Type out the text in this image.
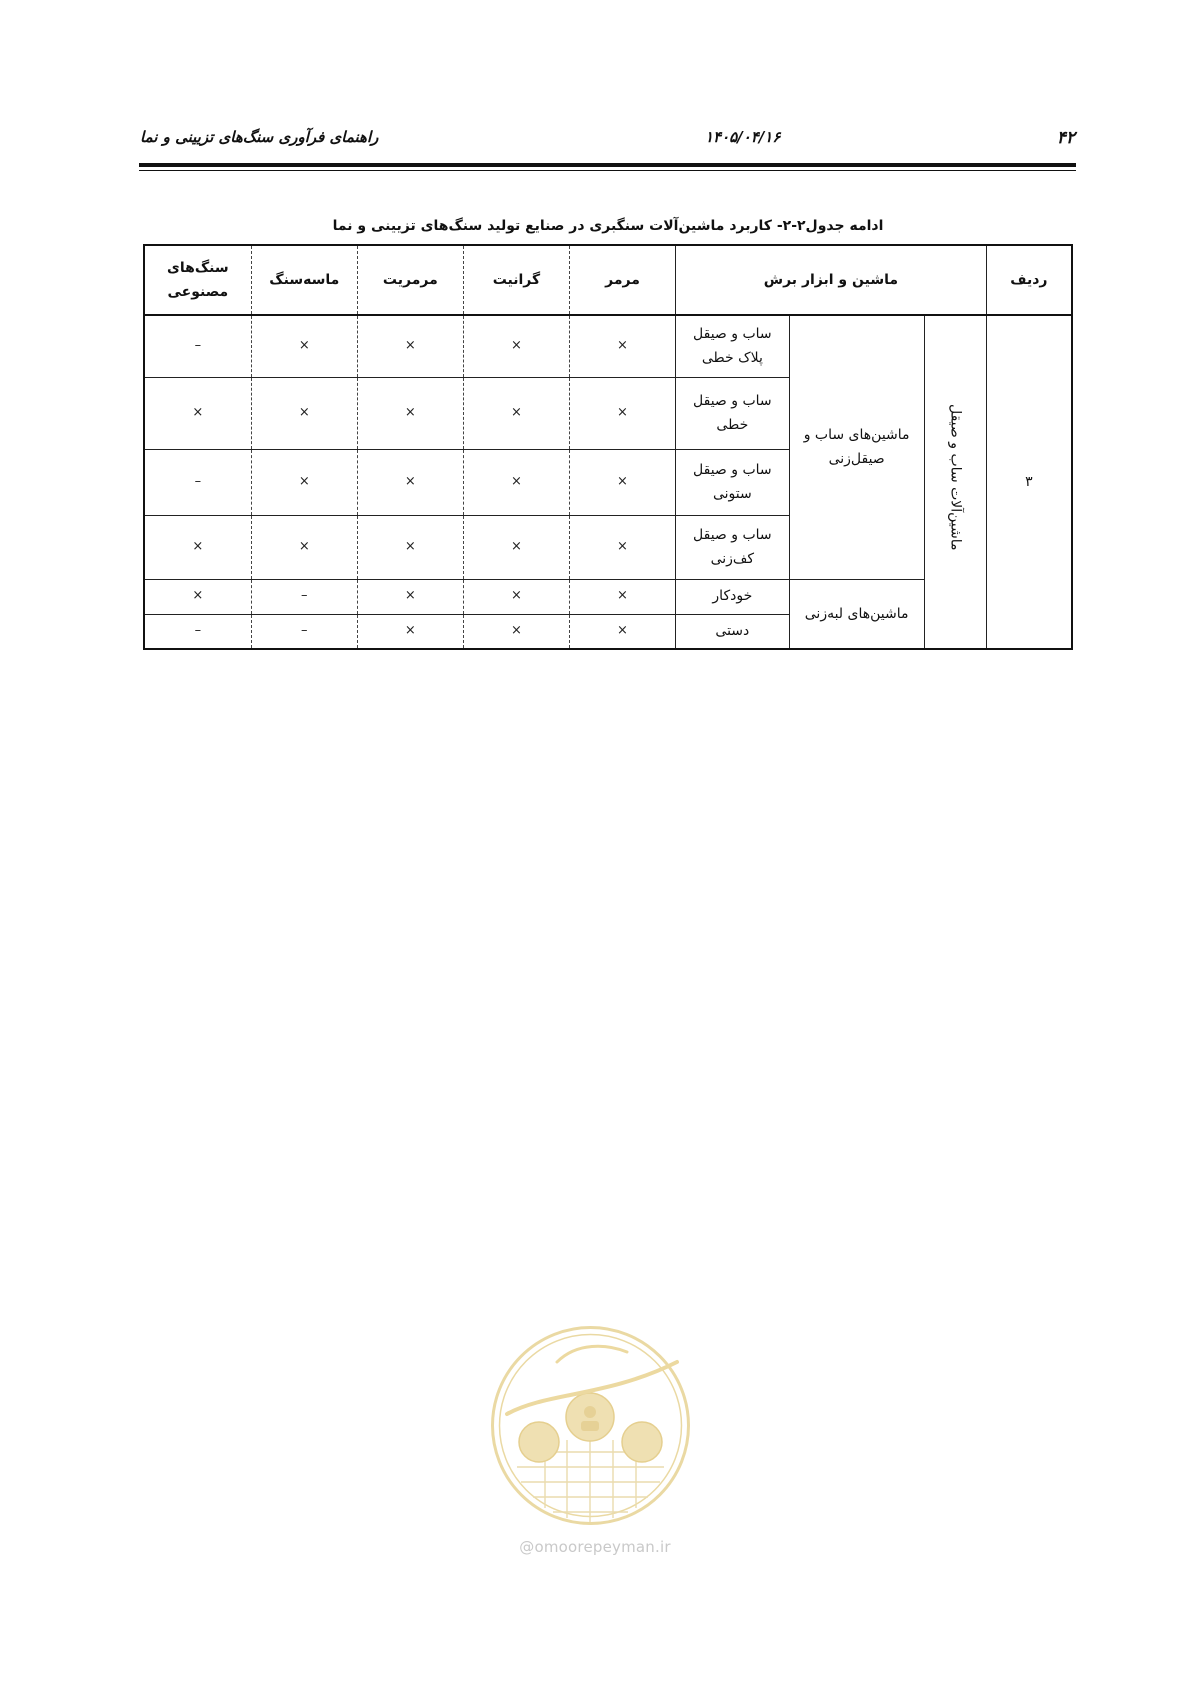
راهنمای فرآوری سنگ‌های تزیینی و نما	۱۴۰۵/۰۴/۱۶	۴۲
ادامه جدول۲-۲- کاربرد ماشین‌آلات سنگبری در صنایع تولید سنگ‌های تزیینی و نما
ردیف	ماشین و ابزار برش			مرمر	گرانیت	مرمریت	ماسه‌سنگ	سنگ‌های مصنوعی
۳	ماشین‌آلات ساب و صیقل	ماشین‌های ساب و صیقل‌زنی	ساب و صیقل پلاک خطی	×	×	×	×	–
			ساب و صیقل خطی	×	×	×	×	×
			ساب و صیقل ستونی	×	×	×	×	–
			ساب و صیقل کف‌زنی	×	×	×	×	×
		ماشین‌های لبه‌زنی	خودکار	×	×	×	–	×
			دستی	×	×	×	–	–
@omoorepeyman.ir
